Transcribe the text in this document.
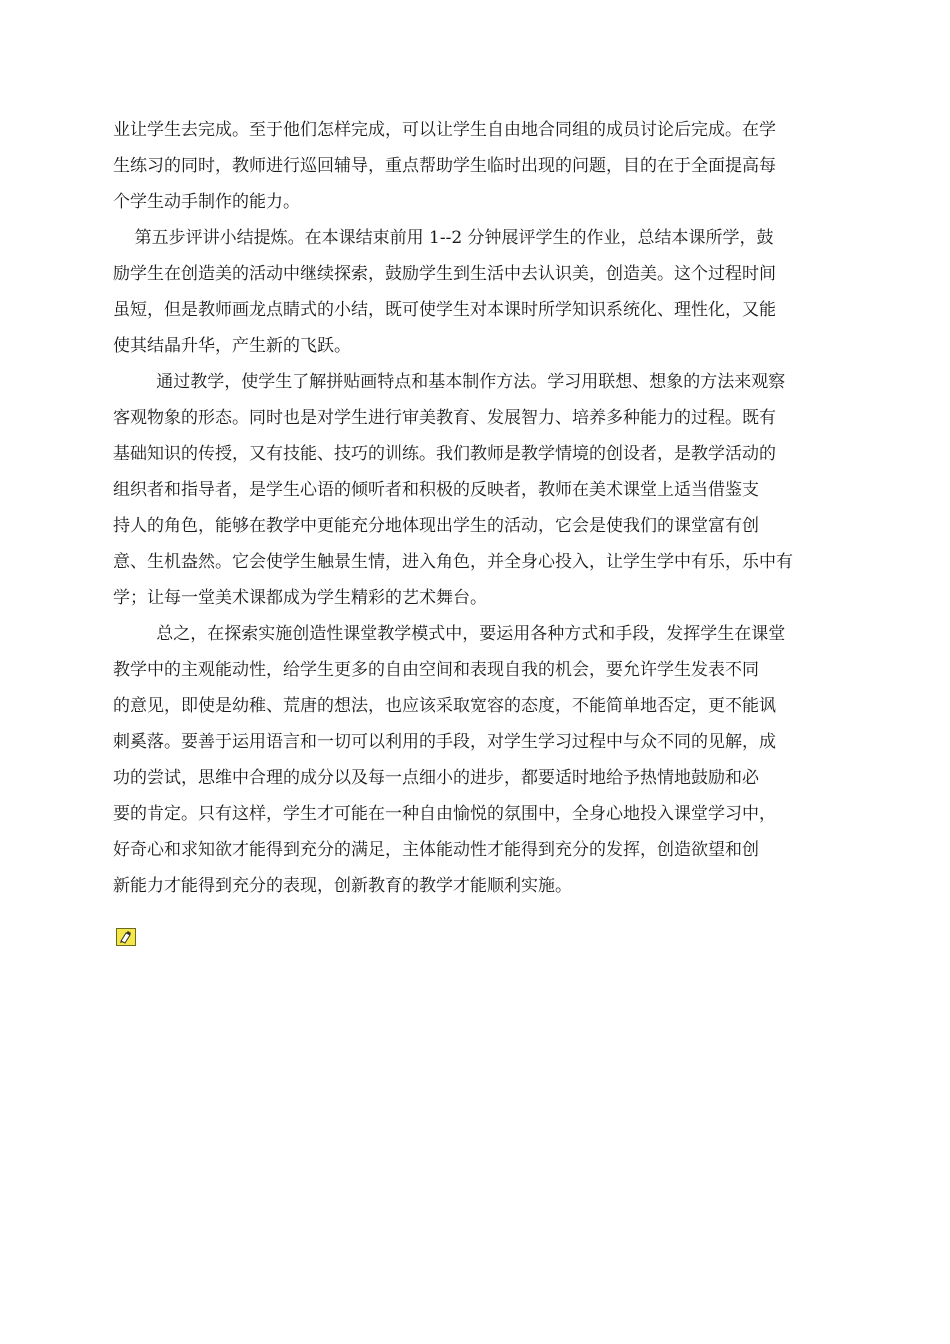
业让学生去完成。至于他们怎样完成，可以让学生自由地合同组的成员讨论后完成。在学
生练习的同时，教师进行巡回辅导，重点帮助学生临时出现的问题，目的在于全面提高每
个学生动手制作的能力。
第五步评讲小结提炼。在本课结束前用 1--2 分钟展评学生的作业，总结本课所学，鼓
励学生在创造美的活动中继续探索，鼓励学生到生活中去认识美，创造美。这个过程时间
虽短，但是教师画龙点睛式的小结，既可使学生对本课时所学知识系统化、理性化，又能
使其结晶升华，产生新的飞跃。
通过教学，使学生了解拼贴画特点和基本制作方法。学习用联想、想象的方法来观察
客观物象的形态。同时也是对学生进行审美教育、发展智力、培养多种能力的过程。既有
基础知识的传授，又有技能、技巧的训练。我们教师是教学情境的创设者，是教学活动的
组织者和指导者，是学生心语的倾听者和积极的反映者，教师在美术课堂上适当借鉴支
持人的角色，能够在教学中更能充分地体现出学生的活动，它会是使我们的课堂富有创
意、生机盎然。它会使学生触景生情，进入角色，并全身心投入，让学生学中有乐，乐中有
学；让每一堂美术课都成为学生精彩的艺术舞台。
总之，在探索实施创造性课堂教学模式中，要运用各种方式和手段，发挥学生在课堂
教学中的主观能动性，给学生更多的自由空间和表现自我的机会，要允许学生发表不同
的意见，即使是幼稚、荒唐的想法，也应该采取宽容的态度，不能简单地否定，更不能讽
刺奚落。要善于运用语言和一切可以利用的手段，对学生学习过程中与众不同的见解，成
功的尝试，思维中合理的成分以及每一点细小的进步，都要适时地给予热情地鼓励和必
要的肯定。只有这样，学生才可能在一种自由愉悦的氛围中，全身心地投入课堂学习中，
好奇心和求知欲才能得到充分的满足，主体能动性才能得到充分的发挥，创造欲望和创
新能力才能得到充分的表现，创新教育的教学才能顺利实施。
